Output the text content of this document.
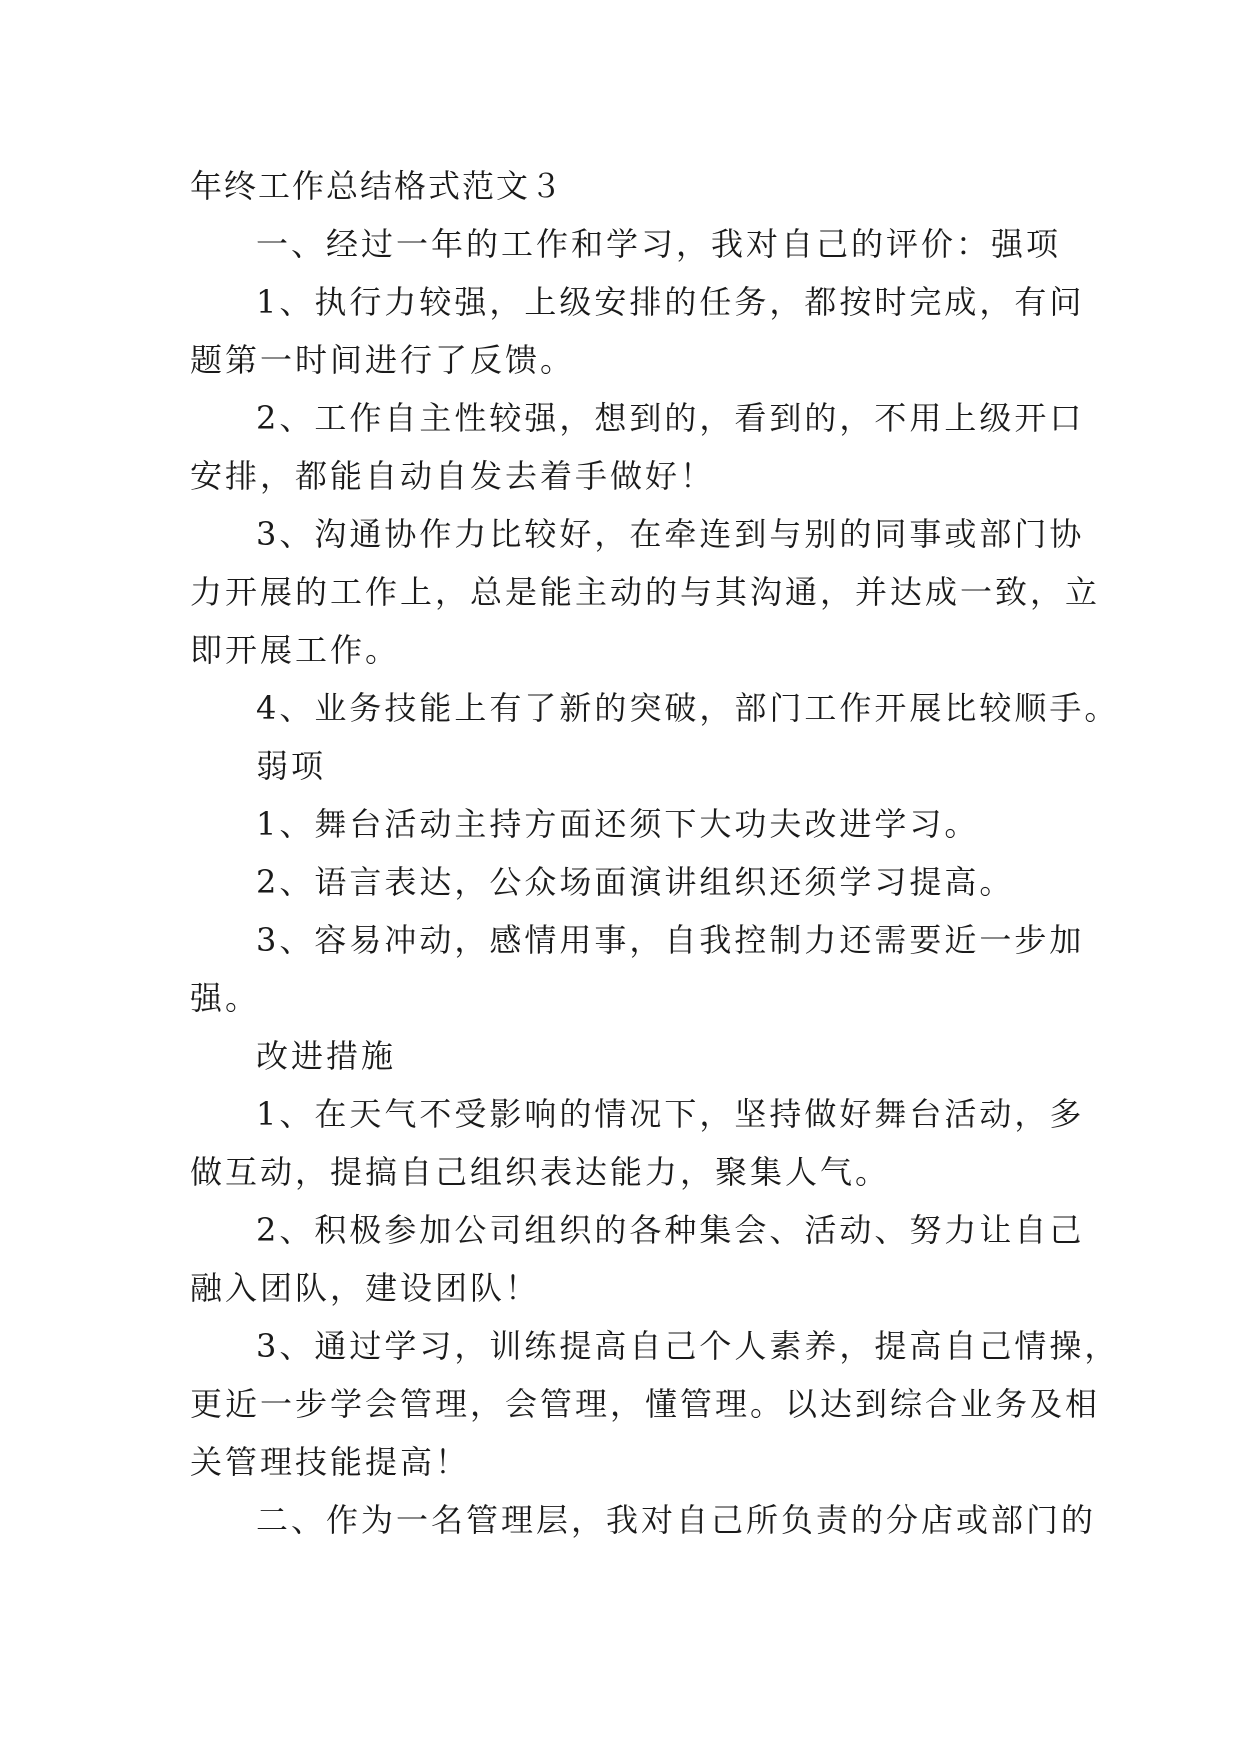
年终工作总结格式范文３
一、经过一年的工作和学习，我对自己的评价：强项
1、执行力较强，上级安排的任务，都按时完成，有问
题第一时间进行了反馈。
2、工作自主性较强，想到的，看到的，不用上级开口
安排，都能自动自发去着手做好！
3、沟通协作力比较好，在牵连到与别的同事或部门协
力开展的工作上，总是能主动的与其沟通，并达成一致，立
即开展工作。
4、业务技能上有了新的突破，部门工作开展比较顺手。
弱项
1、舞台活动主持方面还须下大功夫改进学习。
2、语言表达，公众场面演讲组织还须学习提高。
3、容易冲动，感情用事，自我控制力还需要近一步加
强。
改进措施
1、在天气不受影响的情况下，坚持做好舞台活动，多
做互动，提搞自己组织表达能力，聚集人气。
2、积极参加公司组织的各种集会、活动、努力让自己
融入团队，建设团队！
3、通过学习，训练提高自己个人素养，提高自己情操，
更近一步学会管理，会管理，懂管理。以达到综合业务及相
关管理技能提高！
二、作为一名管理层，我对自己所负责的分店或部门的
